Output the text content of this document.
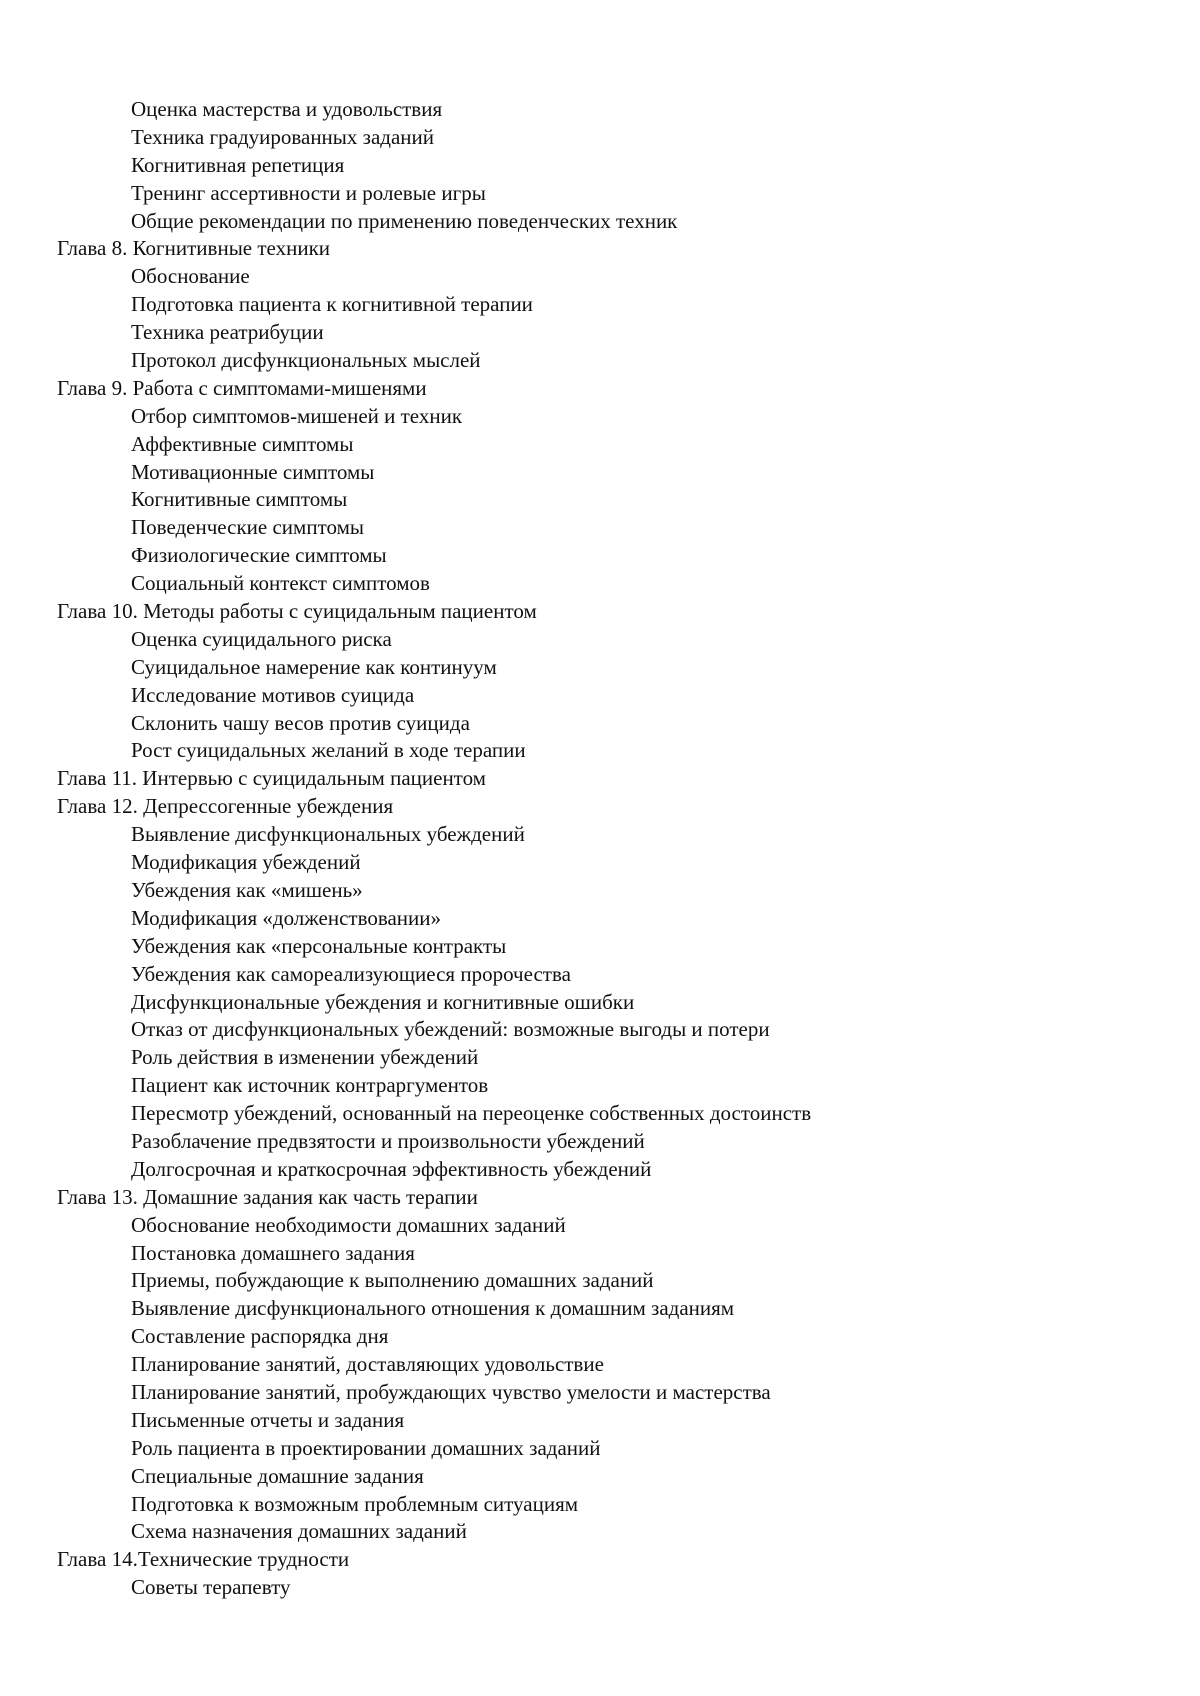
Оценка мастерства и удовольствия
Техника градуированных заданий
Когнитивная репетиция
Тренинг ассертивности и ролевые игры
Общие рекомендации по применению поведенческих техник
Глава 8. Когнитивные техники
Обоснование
Подготовка пациента к когнитивной терапии
Техника реатрибуции
Протокол дисфункциональных мыслей
Глава 9. Работа с симптомами-мишенями
Отбор симптомов-мишеней и техник
Аффективные симптомы
Мотивационные симптомы
Когнитивные симптомы
Поведенческие симптомы
Физиологические симптомы
Социальный контекст симптомов
Глава 10. Методы работы с суицидальным пациентом
Оценка суицидального риска
Суицидальное намерение как континуум
Исследование мотивов суицида
Склонить чашу весов против суицида
Рост суицидальных желаний в ходе терапии
Глава 11. Интервью с суицидальным пациентом
Глава 12. Депрессогенные убеждения
Выявление дисфункциональных убеждений
Модификация убеждений
Убеждения как «мишень»
Модификация «долженствовании»
Убеждения как «персональные контракты
Убеждения как самореализующиеся пророчества
Дисфункциональные убеждения и когнитивные ошибки
Отказ от дисфункциональных убеждений: возможные выгоды и потери
Роль действия в изменении убеждений
Пациент как источник контраргументов
Пересмотр убеждений, основанный на переоценке собственных достоинств
Разоблачение предвзятости и произвольности убеждений
Долгосрочная и краткосрочная эффективность убеждений
Глава 13. Домашние задания как часть терапии
Обоснование необходимости домашних заданий
Постановка домашнего задания
Приемы, побуждающие к выполнению домашних заданий
Выявление дисфункционального отношения к домашним заданиям
Составление распорядка дня
Планирование занятий, доставляющих удовольствие
Планирование занятий, пробуждающих чувство умелости и мастерства
Письменные отчеты и задания
Роль пациента в проектировании домашних заданий
Специальные домашние задания
Подготовка к возможным проблемным ситуациям
Схема назначения домашних заданий
Глава 14.Технические трудности
Советы терапевту
